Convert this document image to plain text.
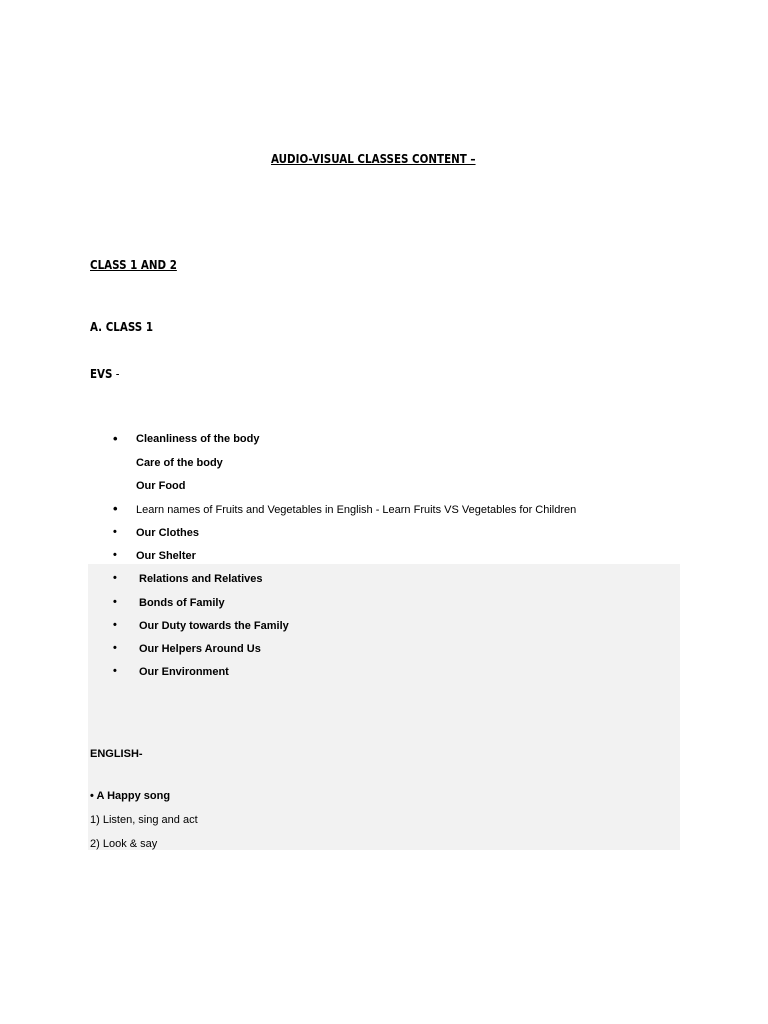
AUDIO-VISUAL CLASSES CONTENT –
CLASS 1 AND 2
A. CLASS 1
EVS -
• Cleanliness of the body
Care of the body
Our Food
• Learn names of Fruits and Vegetables in English - Learn Fruits VS Vegetables for Children
• Our Clothes
• Our Shelter
• Relations and Relatives
• Bonds of Family
• Our Duty towards the Family
• Our Helpers Around Us
• Our Environment
ENGLISH-
• A Happy song
1) Listen, sing and act
2) Look & say
